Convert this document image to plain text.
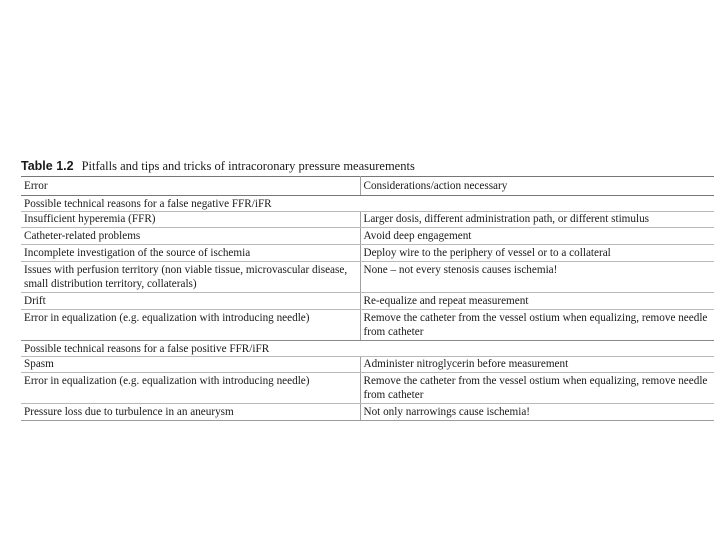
Table 1.2 Pitfalls and tips and tricks of intracoronary pressure measurements
Error	Considerations/action necessary
Possible technical reasons for a false negative FFR/iFR	
Insufficient hyperemia (FFR)	Larger dosis, different administration path, or different stimulus
Catheter-related problems	Avoid deep engagement
Incomplete investigation of the source of ischemia	Deploy wire to the periphery of vessel or to a collateral
Issues with perfusion territory (non viable tissue, microvascular disease, small distribution territory, collaterals)	None – not every stenosis causes ischemia!
Drift	Re-equalize and repeat measurement
Error in equalization (e.g. equalization with introducing needle)	Remove the catheter from the vessel ostium when equalizing, remove needle from catheter
Possible technical reasons for a false positive FFR/iFR	
Spasm	Administer nitroglycerin before measurement
Error in equalization (e.g. equalization with introducing needle)	Remove the catheter from the vessel ostium when equalizing, remove needle from catheter
Pressure loss due to turbulence in an aneurysm	Not only narrowings cause ischemia!
